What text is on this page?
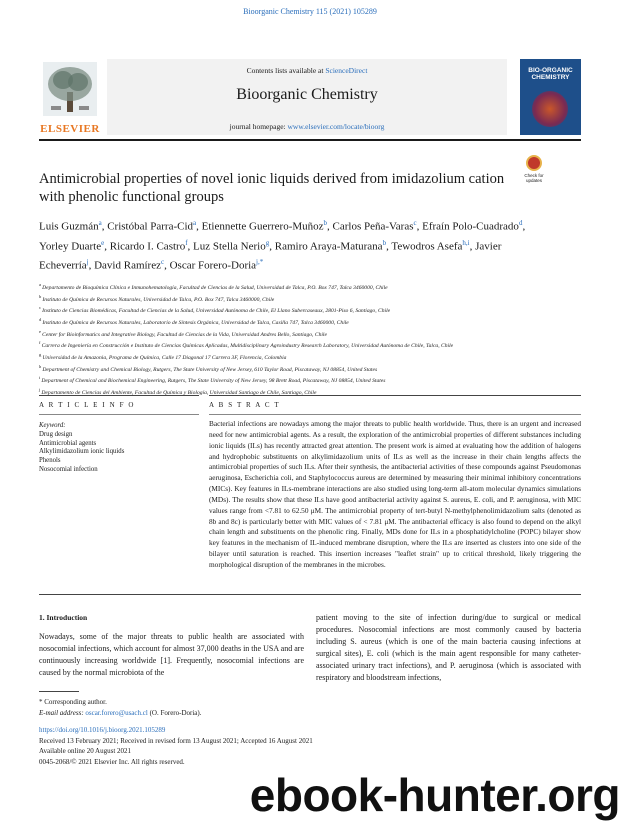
Bioorganic Chemistry 115 (2021) 105289
ELSEVIER
Contents lists available at ScienceDirect
Bioorganic Chemistry
journal homepage: www.elsevier.com/locate/bioorg
BIO-ORGANIC CHEMISTRY
Antimicrobial properties of novel ionic liquids derived from imidazolium cation with phenolic functional groups
Check for updates
Luis Guzmán$^a$, Cristóbal Parra-Cid$^a$, Etiennette Guerrero-Muñoz$^b$, Carlos Peña-Varas$^c$, Efraín Polo-Cuadrado$^d$, Yorley Duarte$^e$, Ricardo I. Castro$^f$, Luz Stella Nerio$^g$, Ramiro Araya-Maturana$^b$, Tewodros Asefa$^{h,i}$, Javier Echeverría$^j$, David Ramírez$^c$, Oscar Forero-Doria$^{j,*}$
$^a$ Departamento de Bioquímica Clínica e Inmunohematología, Facultad de Ciencias de la Salud, Universidad de Talca, P.O. Box 747, Talca 3460000, Chile
$^b$ Instituto de Química de Recursos Naturales, Universidad de Talca, P.O. Box 747, Talca 3460000, Chile
$^c$ Instituto de Ciencias Biomédicas, Facultad de Ciencias de la Salud, Universidad Autónoma de Chile, El Llano Subercaseaux, 2801-Piso 6, Santiago, Chile
$^d$ Instituto de Química de Recursos Naturales, Laboratorio de Síntesis Orgánica, Universidad de Talca, Casilla 747, Talca 3460000, Chile
$^e$ Center for Bioinformatics and Integrative Biology, Facultad de Ciencias de la Vida, Universidad Andres Bello, Santiago, Chile
$^f$ Carrera de Ingeniería en Construcción e Instituto de Ciencias Químicas Aplicadas, Multidisciplinary Agroindustry Research Laboratory, Universidad Autónoma de Chile, Talca, Chile
$^g$ Universidad de la Amazonia, Programa de Química, Calle 17 Diagonal 17 Carrera 3F, Florencia, Colombia
$^h$ Department of Chemistry and Chemical Biology, Rutgers, The State University of New Jersey, 610 Taylor Road, Piscataway, NJ 08854, United States
$^i$ Department of Chemical and Biochemical Engineering, Rutgers, The State University of New Jersey, 98 Brett Road, Piscataway, NJ 08854, United States
$^j$ Departamento de Ciencias del Ambiente, Facultad de Química y Biología, Universidad Santiago de Chile, Santiago, Chile
A R T I C L E I N F O	A B S T R A C T
Keyword:
Drug design
Antimicrobial agents
Alkylimidazolium ionic liquids
Phenols
Nosocomial infection
Bacterial infections are nowadays among the major threats to public health worldwide. Thus, there is an urgent and increased need for new antimicrobial agents. As a result, the exploration of the antimicrobial properties of different substances including ionic liquids (ILs) has recently attracted great attention. The present work is aimed at evaluating how the addition of halogens and hydrophobic substituents on alkylimidazolium units of ILs as well as the increase in their chain lengths affects the antimicrobial properties of such ILs. After their synthesis, the antibacterial activities of these compounds against Pseudomonas aeruginosa, Escherichia coli, and Staphylococcus aureus are determined by measuring their minimal inhibitory concentrations (MICs). Key features in ILs-membrane interactions are also studied using long-term all-atom molecular dynamics simulations (MDs). The results show that these ILs have good antibacterial activity against S. aureus, E. coli, and P. aeruginosa, with MIC values range from <7.81 to 62.50 μM. The antimicrobial property of tert-butyl N-methylphenolimidazolium salts (denoted as 8b and 8c) is particularly better with MIC values of < 7.81 μM. The antibacterial efficacy is also found to depend on the alkyl chain length and substituents on the phenolic ring. Finally, MDs done for ILs in a phosphatidylcholine (POPC) bilayer show key features in the mechanism of IL-induced membrane disruption, where the ILs are inserted as clusters into one side of the bilayer until saturation is reached. This insertion increases "leaflet strain" up to critical threshold, likely triggering the morphological disruption of the membranes in the microbes.
1. Introduction
Nowadays, some of the major threats to public health are associated with nosocomial infections, which account for almost 37,000 deaths in the USA and are continuously increasing worldwide [1]. Frequently, nosocomial infections are caused by the normal microbiota of the
patient moving to the site of infection during/due to surgical or medical procedures. Nosocomial infections are most commonly caused by bacteria including S. aureus (which is one of the main bacteria causing infections at surgical sites), E. coli (which is the main agent responsible for many catheter-associated urinary tract infections), and P. aeruginosa (which is associated with respiratory and bloodstream infections,
* Corresponding author.
E-mail address: oscar.forero@usach.cl (O. Forero-Doria).
https://doi.org/10.1016/j.bioorg.2021.105289
Received 13 February 2021; Received in revised form 13 August 2021; Accepted 16 August 2021
Available online 20 August 2021
0045-2068/© 2021 Elsevier Inc. All rights reserved.
ebook-hunter.org
